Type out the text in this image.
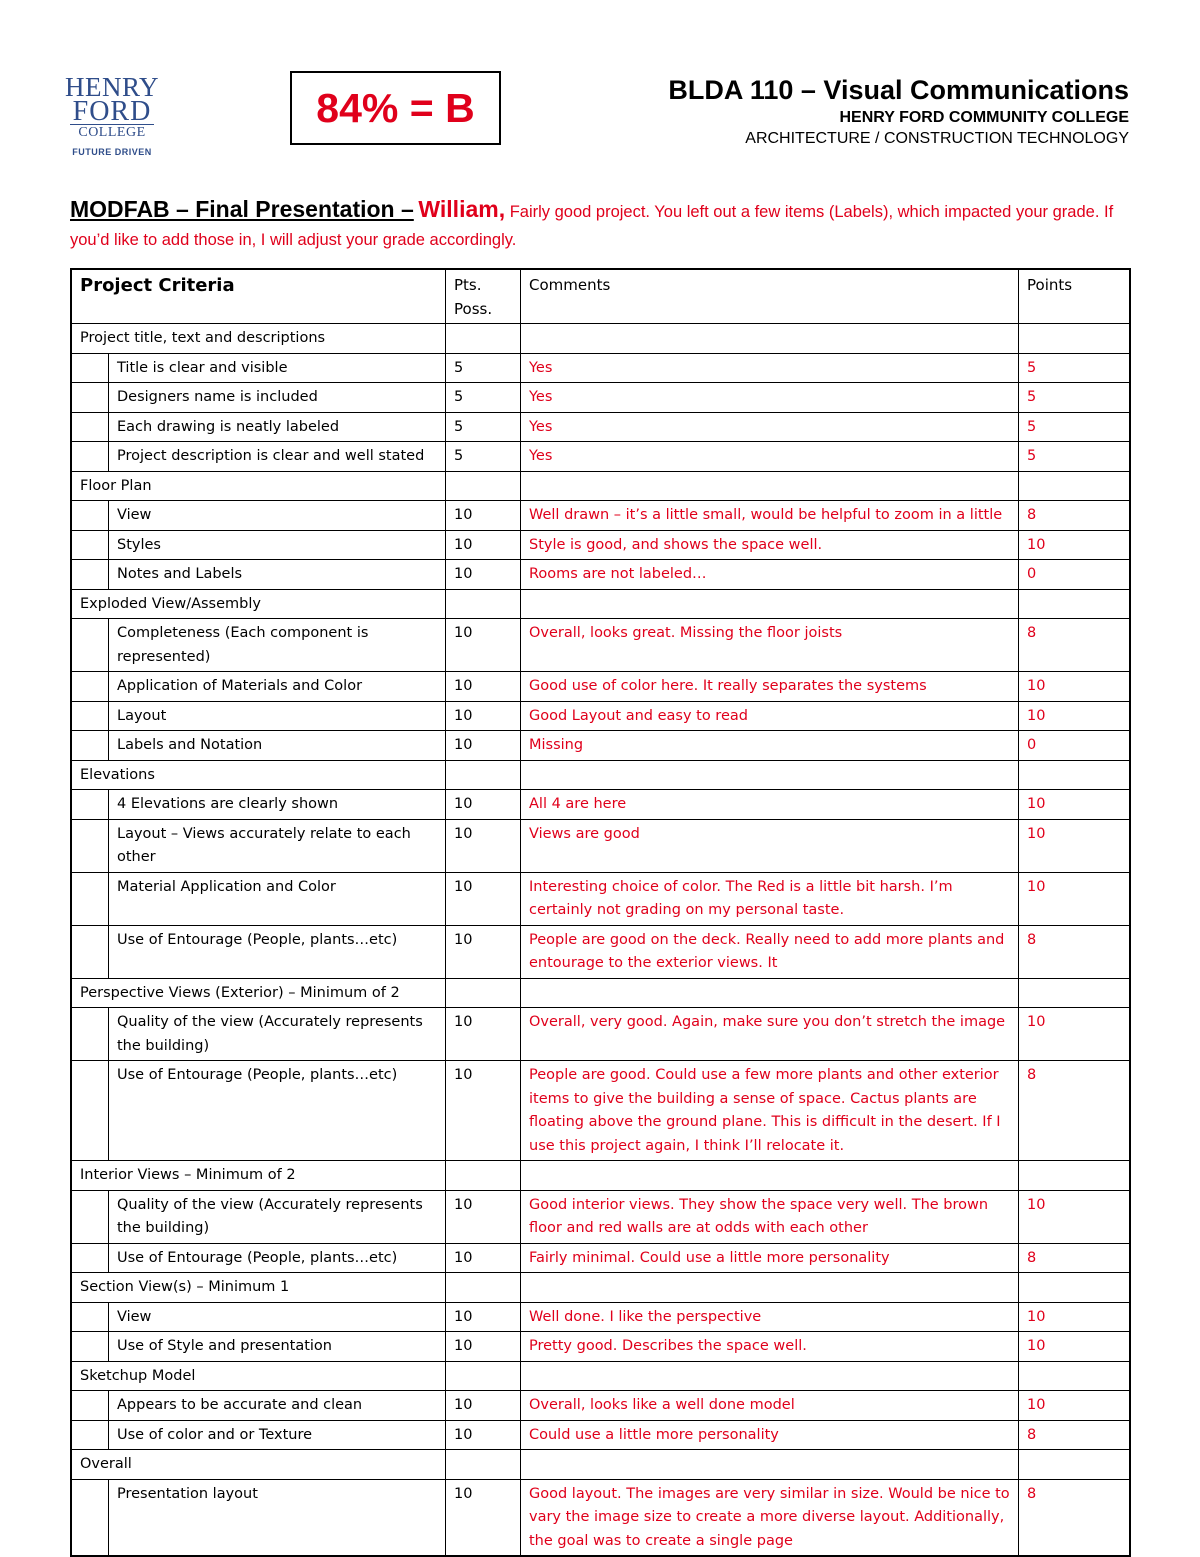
HENRY
FORD
COLLEGE
FUTURE DRIVEN
84% = B	BLDA 110 – Visual Communications
HENRY FORD COMMUNITY COLLEGE
ARCHITECTURE / CONSTRUCTION TECHNOLOGY
MODFAB – Final Presentation – William, Fairly good project. You left out a few items (Labels), which impacted your grade. If you’d like to add those in, I will adjust your grade accordingly.
Project Criteria		Pts. Poss.	Comments	Points
Project title, text and descriptions				
	Title is clear and visible	5	Yes	5
	Designers name is included	5	Yes	5
	Each drawing is neatly labeled	5	Yes	5
	Project description is clear and well stated	5	Yes	5
Floor Plan				
	View	10	Well drawn – it’s a little small, would be helpful to zoom in a little	8
	Styles	10	Style is good, and shows the space well.	10
	Notes and Labels	10	Rooms are not labeled…	0
Exploded View/Assembly				
	Completeness (Each component is represented)	10	Overall, looks great. Missing the floor joists	8
	Application of Materials and Color	10	Good use of color here. It really separates the systems	10
	Layout	10	Good Layout and easy to read	10
	Labels and Notation	10	Missing	0
Elevations				
	4 Elevations are clearly shown	10	All 4 are here	10
	Layout – Views accurately relate to each other	10	Views are good	10
	Material Application and Color	10	Interesting choice of color. The Red is a little bit harsh. I’m certainly not grading on my personal taste.	10
	Use of Entourage (People, plants…etc)	10	People are good on the deck. Really need to add more plants and entourage to the exterior views. It	8
Perspective Views (Exterior) – Minimum of 2				
	Quality of the view (Accurately represents the building)	10	Overall, very good. Again, make sure you don’t stretch the image	10
	Use of Entourage (People, plants…etc)	10	People are good. Could use a few more plants and other exterior items to give the building a sense of space. Cactus plants are floating above the ground plane. This is difficult in the desert. If I use this project again, I think I’ll relocate it.	8
Interior Views – Minimum of 2				
	Quality of the view (Accurately represents the building)	10	Good interior views. They show the space very well. The brown floor and red walls are at odds with each other	10
	Use of Entourage (People, plants…etc)	10	Fairly minimal. Could use a little more personality	8
Section View(s) – Minimum 1				
	View	10	Well done. I like the perspective	10
	Use of Style and presentation	10	Pretty good. Describes the space well.	10
Sketchup Model				
	Appears to be accurate and clean	10	Overall, looks like a well done model	10
	Use of color and or Texture	10	Could use a little more personality	8
Overall				
	Presentation layout	10	Good layout. The images are very similar in size. Would be nice to vary the image size to create a more diverse layout. Additionally, the goal was to create a single page	8
